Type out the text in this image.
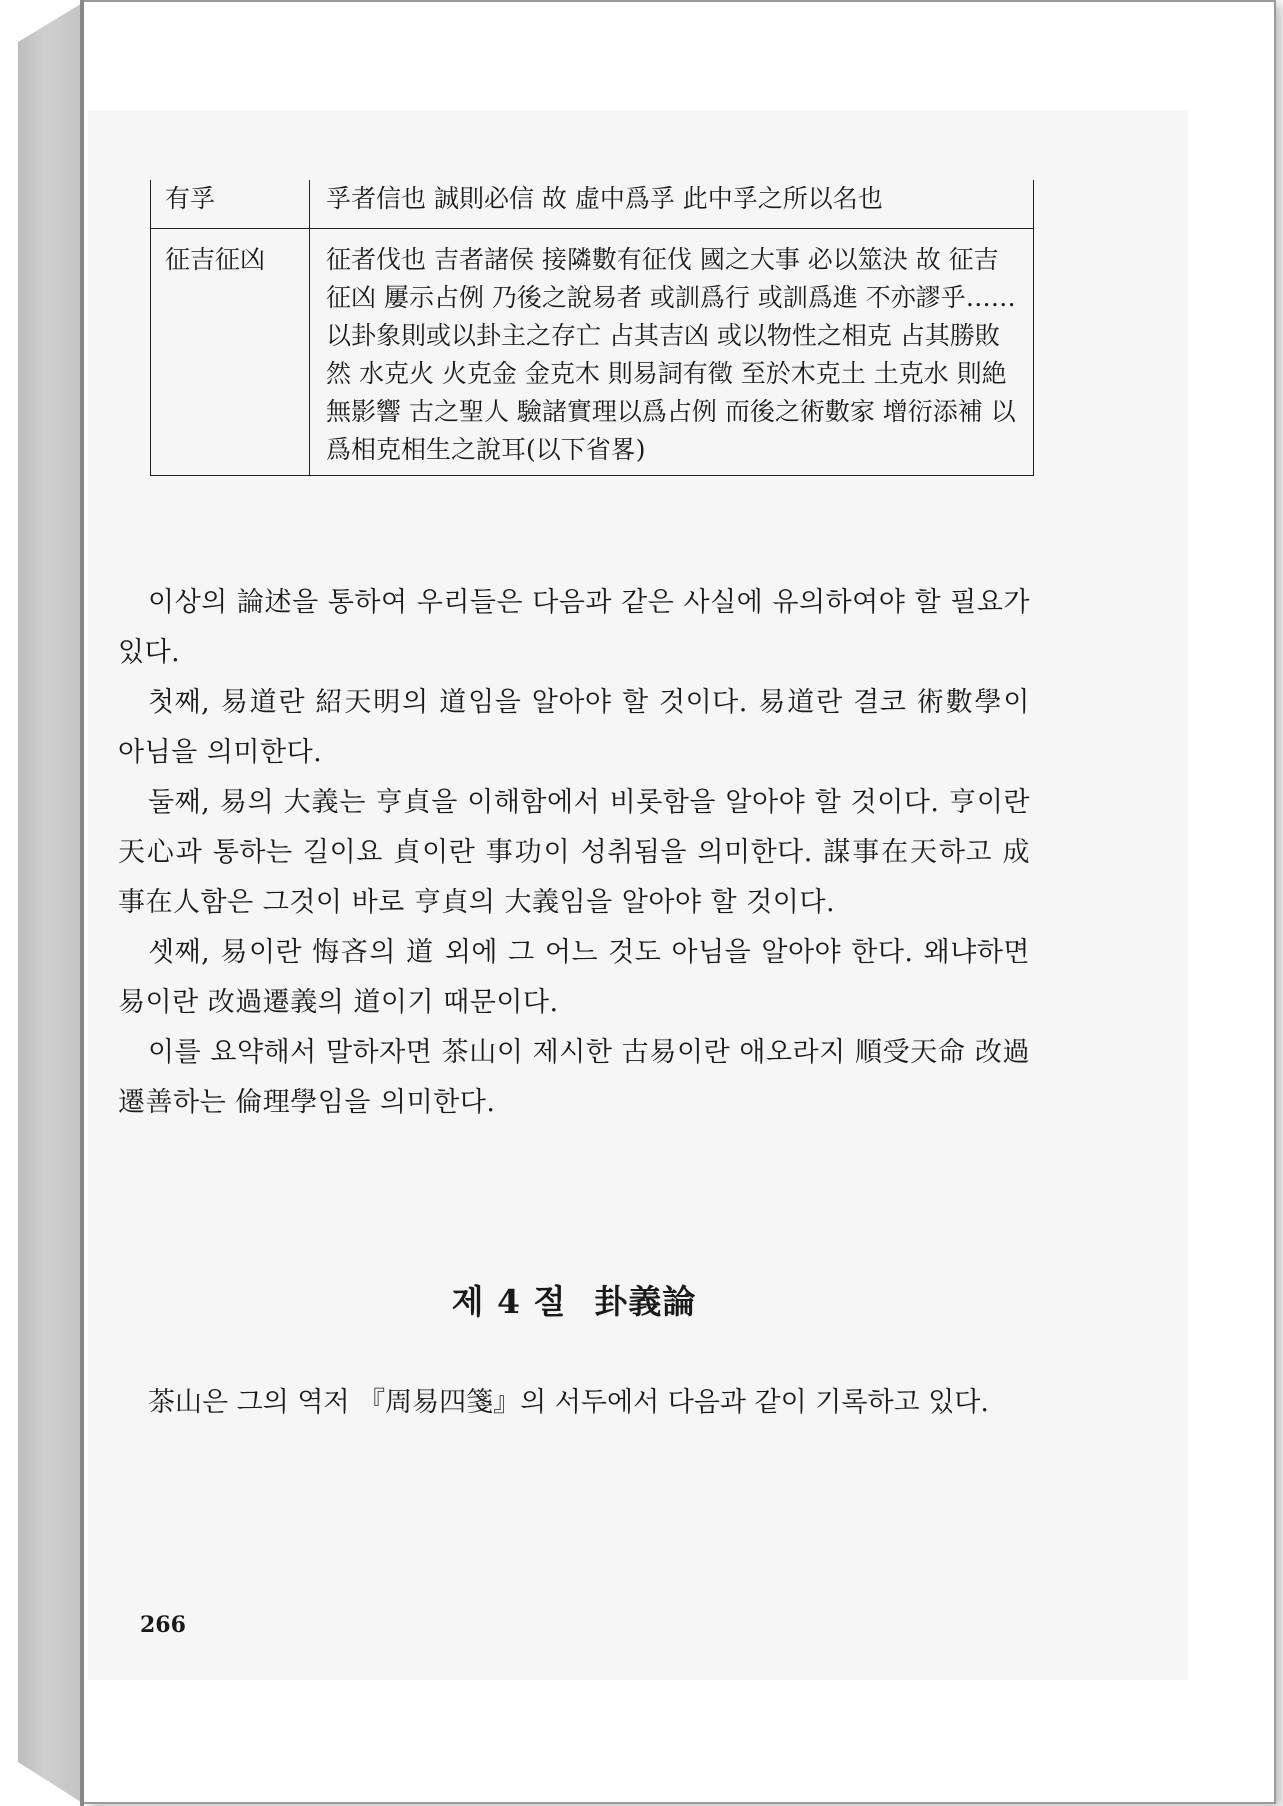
有孚	孚者信也 誠則必信 故 虛中爲孚 此中孚之所以名也
征吉征凶	征者伐也 吉者諸侯 接隣數有征伐 國之大事 必以筮決 故 征吉 征凶 屢示占例 乃後之說易者 或訓爲行 或訓爲進 不亦謬乎…… 以卦象則或以卦主之存亡 占其吉凶 或以物性之相克 占其勝敗 然 水克火 火克金 金克木 則易詞有徵 至於木克土 土克水 則絶無影響 古之聖人 驗諸實理以爲占例 而後之術數家 增衍添補 以爲相克相生之說耳(以下省畧)

이상의 論述을 통하여 우리들은 다음과 같은 사실에 유의하여야 할 필요가 있다.

첫째, 易道란 紹天明의 道임을 알아야 할 것이다. 易道란 결코 術數學이 아님을 의미한다.

둘째, 易의 大義는 亨貞을 이해함에서 비롯함을 알아야 할 것이다. 亨이란 天心과 통하는 길이요 貞이란 事功이 성취됨을 의미한다. 謀事在天하고 成事在人함은 그것이 바로 亨貞의 大義임을 알아야 할 것이다.

셋째, 易이란 悔吝의 道 외에 그 어느 것도 아님을 알아야 한다. 왜냐하면 易이란 改過遷義의 道이기 때문이다.

이를 요약해서 말하자면 茶山이 제시한 古易이란 애오라지 順受天命 改過遷善하는 倫理學임을 의미한다.

제 4 절 卦義論

茶山은 그의 역저 『周易四箋』의 서두에서 다음과 같이 기록하고 있다.

266
